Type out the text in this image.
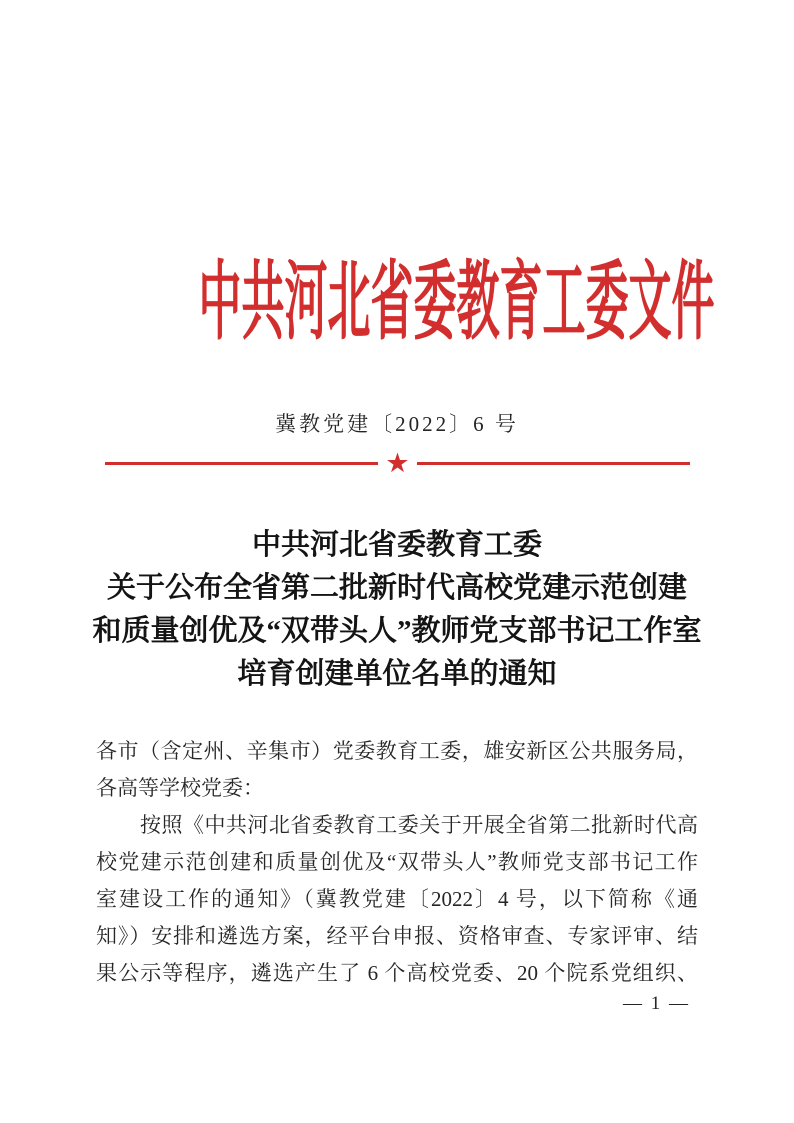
中共河北省委教育工委文件
冀教党建〔2022〕6 号
★
中共河北省委教育工委
关于公布全省第二批新时代高校党建示范创建
和质量创优及“双带头人”教师党支部书记工作室
培育创建单位名单的通知
各市（含定州、辛集市）党委教育工委，雄安新区公共服务局，
各高等学校党委：
按照《中共河北省委教育工委关于开展全省第二批新时代高
校党建示范创建和质量创优及“双带头人”教师党支部书记工作
室建设工作的通知》（冀教党建〔2022〕4 号，以下简称《通
知》）安排和遴选方案，经平台申报、资格审查、专家评审、结
果公示等程序，遴选产生了 6 个高校党委、20 个院系党组织、
— 1 —
